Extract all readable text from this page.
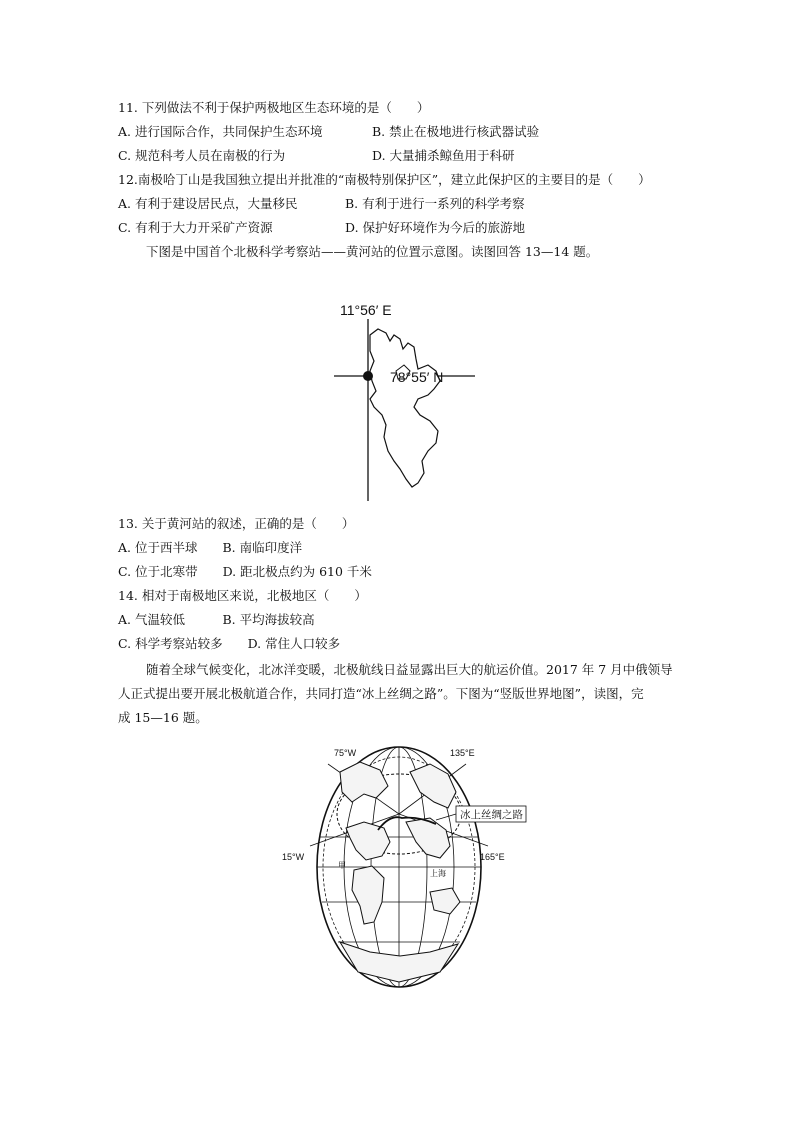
11. 下列做法不利于保护两极地区生态环境的是（　　）
A. 进行国际合作，共同保护生态环境	B. 禁止在极地进行核武器试验
C. 规范科考人员在南极的行为	D. 大量捕杀鲸鱼用于科研
12.南极哈丁山是我国独立提出并批准的“南极特别保护区”，建立此保护区的主要目的是（　　）
A. 有利于建设居民点，大量移民	B. 有利于进行一系列的科学考察
C. 有利于大力开采矿产资源	D. 保护好环境作为今后的旅游地
下图是中国首个北极科学考察站——黄河站的位置示意图。读图回答 13—14 题。
11°56′ E
78°55′ N
13. 关于黄河站的叙述，正确的是（　　）
A. 位于西半球　　B. 南临印度洋
C. 位于北寒带　　D. 距北极点约为 610 千米
14. 相对于南极地区来说，北极地区（　　）
A. 气温较低　　　B. 平均海拔较高
C. 科学考察站较多　　D. 常住人口较多
随着全球气候变化，北冰洋变暖，北极航线日益显露出巨大的航运价值。2017 年 7 月中俄领导
人正式提出要开展北极航道合作，共同打造“冰上丝绸之路”。下图为“竖版世界地图”，读图，完
成 15—16 题。
冰上丝绸之路
75°W	135°E
15°W	165°E
上海
甲
